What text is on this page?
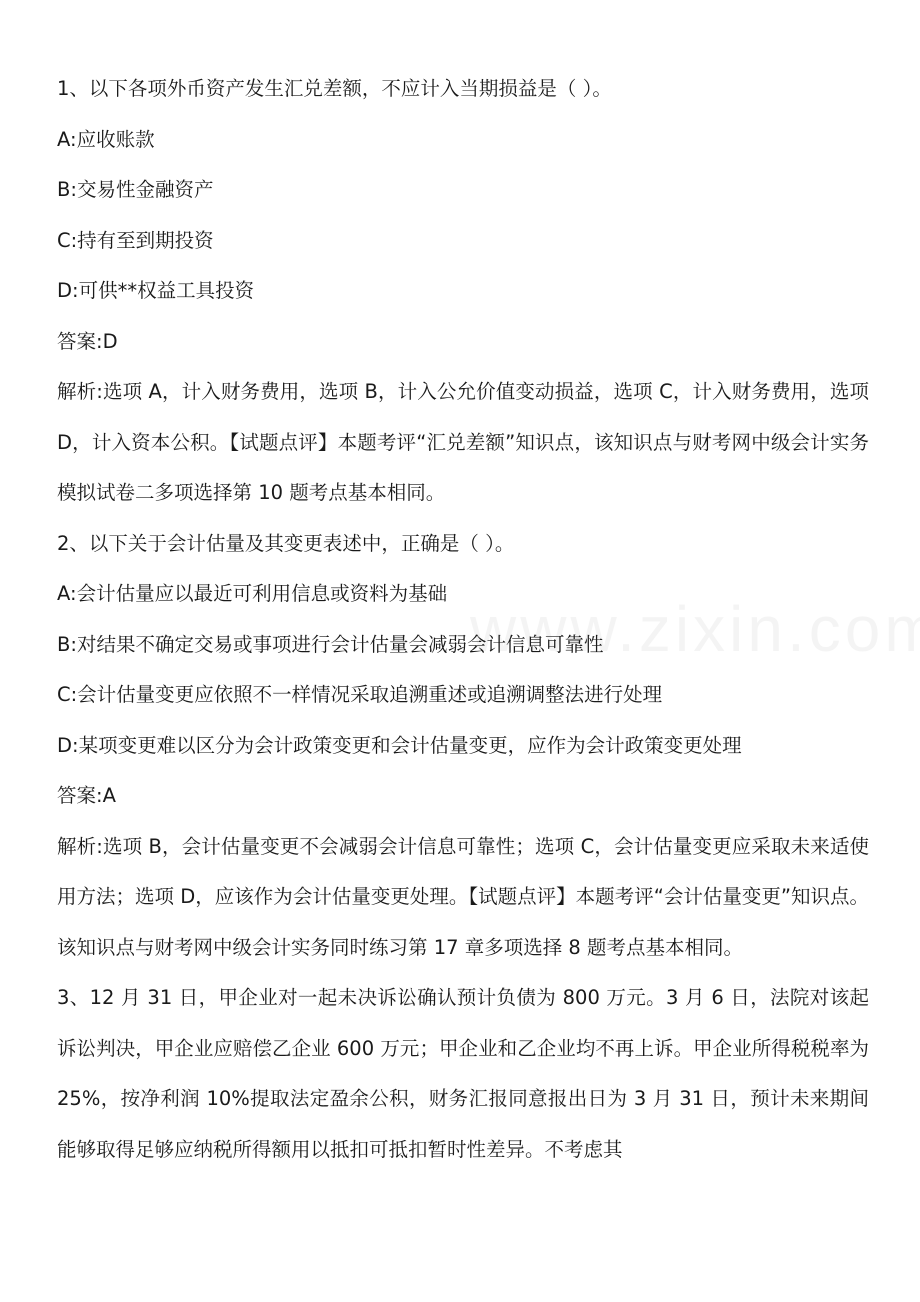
1、以下各项外币资产发生汇兑差额，不应计入当期损益是（ ）。
A:应收账款
B:交易性金融资产
C:持有至到期投资
D:可供**权益工具投资
答案:D

解析:选项 A，计入财务费用，选项 B，计入公允价值变动损益，选项 C，计入财务费用，选项 D，计入资本公积。【试题点评】本题考评“汇兑差额”知识点，该知识点与财考网中级会计实务模拟试卷二多项选择第 10 题考点基本相同。

2、以下关于会计估量及其变更表述中，正确是（ ）。
A:会计估量应以最近可利用信息或资料为基础
B:对结果不确定交易或事项进行会计估量会减弱会计信息可靠性
C:会计估量变更应依照不一样情况采取追溯重述或追溯调整法进行处理
D:某项变更难以区分为会计政策变更和会计估量变更，应作为会计政策变更处理
答案:A

解析:选项 B，会计估量变更不会减弱会计信息可靠性；选项 C，会计估量变更应采取未来适使用方法；选项 D，应该作为会计估量变更处理。【试题点评】本题考评“会计估量变更”知识点。该知识点与财考网中级会计实务同时练习第 17 章多项选择 8 题考点基本相同。

3、12 月 31 日，甲企业对一起未决诉讼确认预计负债为 800 万元。3 月 6 日，法院对该起诉讼判决，甲企业应赔偿乙企业 600 万元；甲企业和乙企业均不再上诉。甲企业所得税税率为 25%，按净利润 10%提取法定盈余公积，财务汇报同意报出日为 3 月 31 日，预计未来期间能够取得足够应纳税所得额用以抵扣可抵扣暂时性差异。不考虑其
